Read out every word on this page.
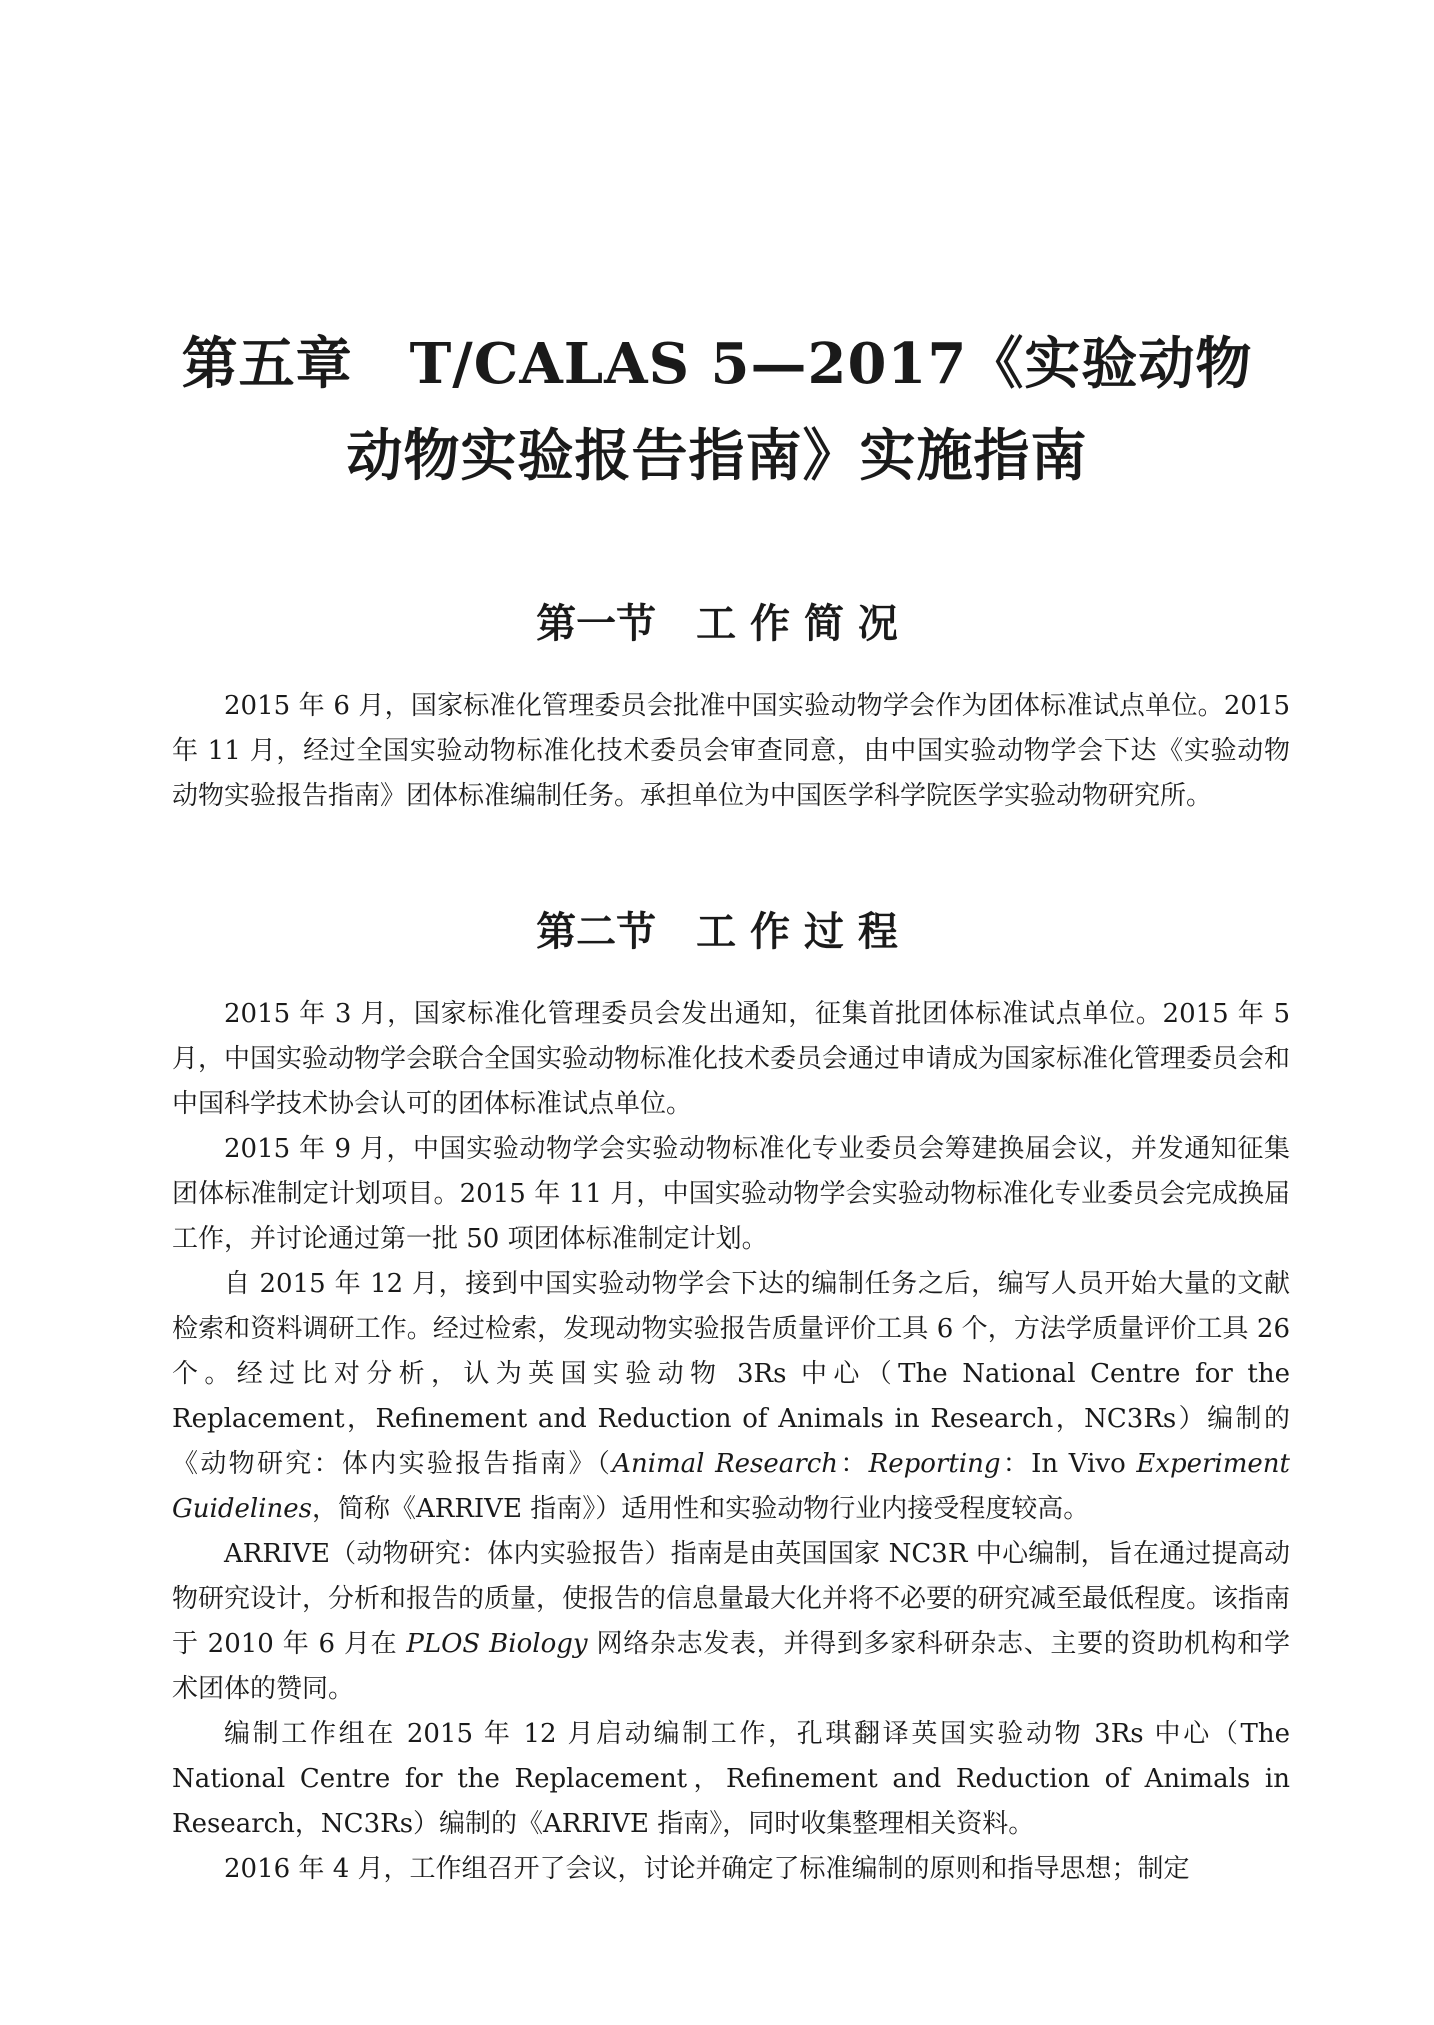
第五章　T/CALAS 5—2017《实验动物
动物实验报告指南》实施指南
第一节　工 作 简 况

2015 年 6 月，国家标准化管理委员会批准中国实验动物学会作为团体标准试点单位。2015 年 11 月，经过全国实验动物标准化技术委员会审查同意，由中国实验动物学会下达《实验动物　动物实验报告指南》团体标准编制任务。承担单位为中国医学科学院医学实验动物研究所。

第二节　工 作 过 程

2015 年 3 月，国家标准化管理委员会发出通知，征集首批团体标准试点单位。2015 年 5 月，中国实验动物学会联合全国实验动物标准化技术委员会通过申请成为国家标准化管理委员会和中国科学技术协会认可的团体标准试点单位。

2015 年 9 月，中国实验动物学会实验动物标准化专业委员会筹建换届会议，并发通知征集团体标准制定计划项目。2015 年 11 月，中国实验动物学会实验动物标准化专业委员会完成换届工作，并讨论通过第一批 50 项团体标准制定计划。

自 2015 年 12 月，接到中国实验动物学会下达的编制任务之后，编写人员开始大量的文献检索和资料调研工作。经过检索，发现动物实验报告质量评价工具 6 个，方法学质量评价工具 26 个。经过比对分析，认为英国实验动物 3Rs 中心（The National Centre for the Replacement，Refinement and Reduction of Animals in Research，NC3Rs）编制的《动物研究：体内实验报告指南》（Animal Research：Reporting：In Vivo Experiment Guidelines，简称《ARRIVE 指南》）适用性和实验动物行业内接受程度较高。

ARRIVE（动物研究：体内实验报告）指南是由英国国家 NC3R 中心编制，旨在通过提高动物研究设计，分析和报告的质量，使报告的信息量最大化并将不必要的研究减至最低程度。该指南于 2010 年 6 月在 PLOS Biology 网络杂志发表，并得到多家科研杂志、主要的资助机构和学术团体的赞同。

编制工作组在 2015 年 12 月启动编制工作，孔琪翻译英国实验动物 3Rs 中心（The National Centre for the Replacement，Refinement and Reduction of Animals in Research，NC3Rs）编制的《ARRIVE 指南》，同时收集整理相关资料。

2016 年 4 月，工作组召开了会议，讨论并确定了标准编制的原则和指导思想；制定
